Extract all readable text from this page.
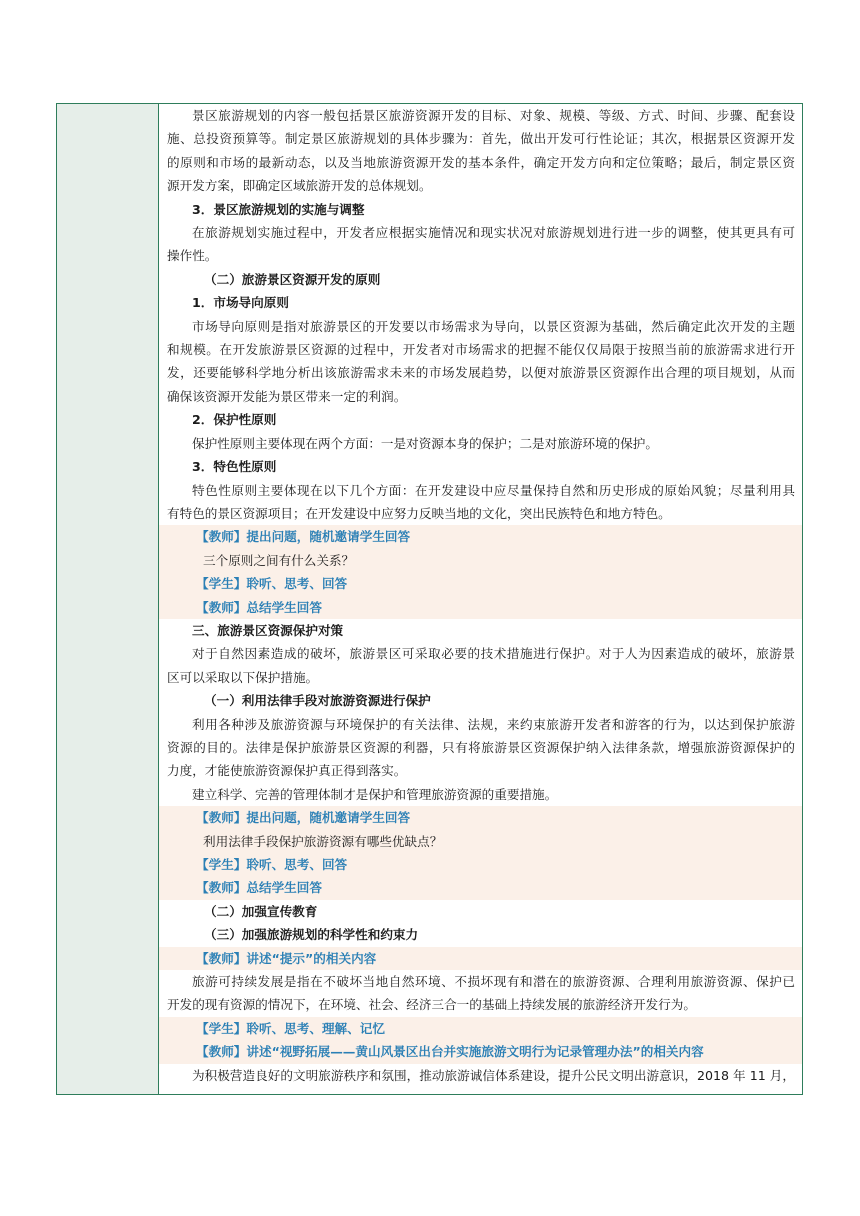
景区旅游规划的内容一般包括景区旅游资源开发的目标、对象、规模、等级、方式、时间、步骤、配套设
施、总投资预算等。制定景区旅游规划的具体步骤为：首先，做出开发可行性论证；其次，根据景区资源开发
的原则和市场的最新动态，以及当地旅游资源开发的基本条件，确定开发方向和定位策略；最后，制定景区资
源开发方案，即确定区域旅游开发的总体规划。
3．景区旅游规划的实施与调整
在旅游规划实施过程中，开发者应根据实施情况和现实状况对旅游规划进行进一步的调整，使其更具有可
操作性。
（二）旅游景区资源开发的原则
1．市场导向原则
市场导向原则是指对旅游景区的开发要以市场需求为导向，以景区资源为基础，然后确定此次开发的主题
和规模。在开发旅游景区资源的过程中，开发者对市场需求的把握不能仅仅局限于按照当前的旅游需求进行开
发，还要能够科学地分析出该旅游需求未来的市场发展趋势，以便对旅游景区资源作出合理的项目规划，从而
确保该资源开发能为景区带来一定的利润。
2．保护性原则
保护性原则主要体现在两个方面：一是对资源本身的保护；二是对旅游环境的保护。
3．特色性原则
特色性原则主要体现在以下几个方面：在开发建设中应尽量保持自然和历史形成的原始风貌；尽量利用具
有特色的景区资源项目；在开发建设中应努力反映当地的文化，突出民族特色和地方特色。
【教师】提出问题，随机邀请学生回答
三个原则之间有什么关系？
【学生】聆听、思考、回答
【教师】总结学生回答
三、旅游景区资源保护对策
对于自然因素造成的破坏，旅游景区可采取必要的技术措施进行保护。对于人为因素造成的破坏，旅游景
区可以采取以下保护措施。
（一）利用法律手段对旅游资源进行保护
利用各种涉及旅游资源与环境保护的有关法律、法规，来约束旅游开发者和游客的行为，以达到保护旅游
资源的目的。法律是保护旅游景区资源的利器，只有将旅游景区资源保护纳入法律条款，增强旅游资源保护的
力度，才能使旅游资源保护真正得到落实。
建立科学、完善的管理体制才是保护和管理旅游资源的重要措施。
【教师】提出问题，随机邀请学生回答
利用法律手段保护旅游资源有哪些优缺点？
【学生】聆听、思考、回答
【教师】总结学生回答
（二）加强宣传教育
（三）加强旅游规划的科学性和约束力
【教师】讲述“提示”的相关内容
旅游可持续发展是指在不破坏当地自然环境、不损坏现有和潜在的旅游资源、合理利用旅游资源、保护已
开发的现有资源的情况下，在环境、社会、经济三合一的基础上持续发展的旅游经济开发行为。
【学生】聆听、思考、理解、记忆
【教师】讲述“视野拓展——黄山风景区出台并实施旅游文明行为记录管理办法”的相关内容
为积极营造良好的文明旅游秩序和氛围，推动旅游诚信体系建设，提升公民文明出游意识，2018 年 11 月，
